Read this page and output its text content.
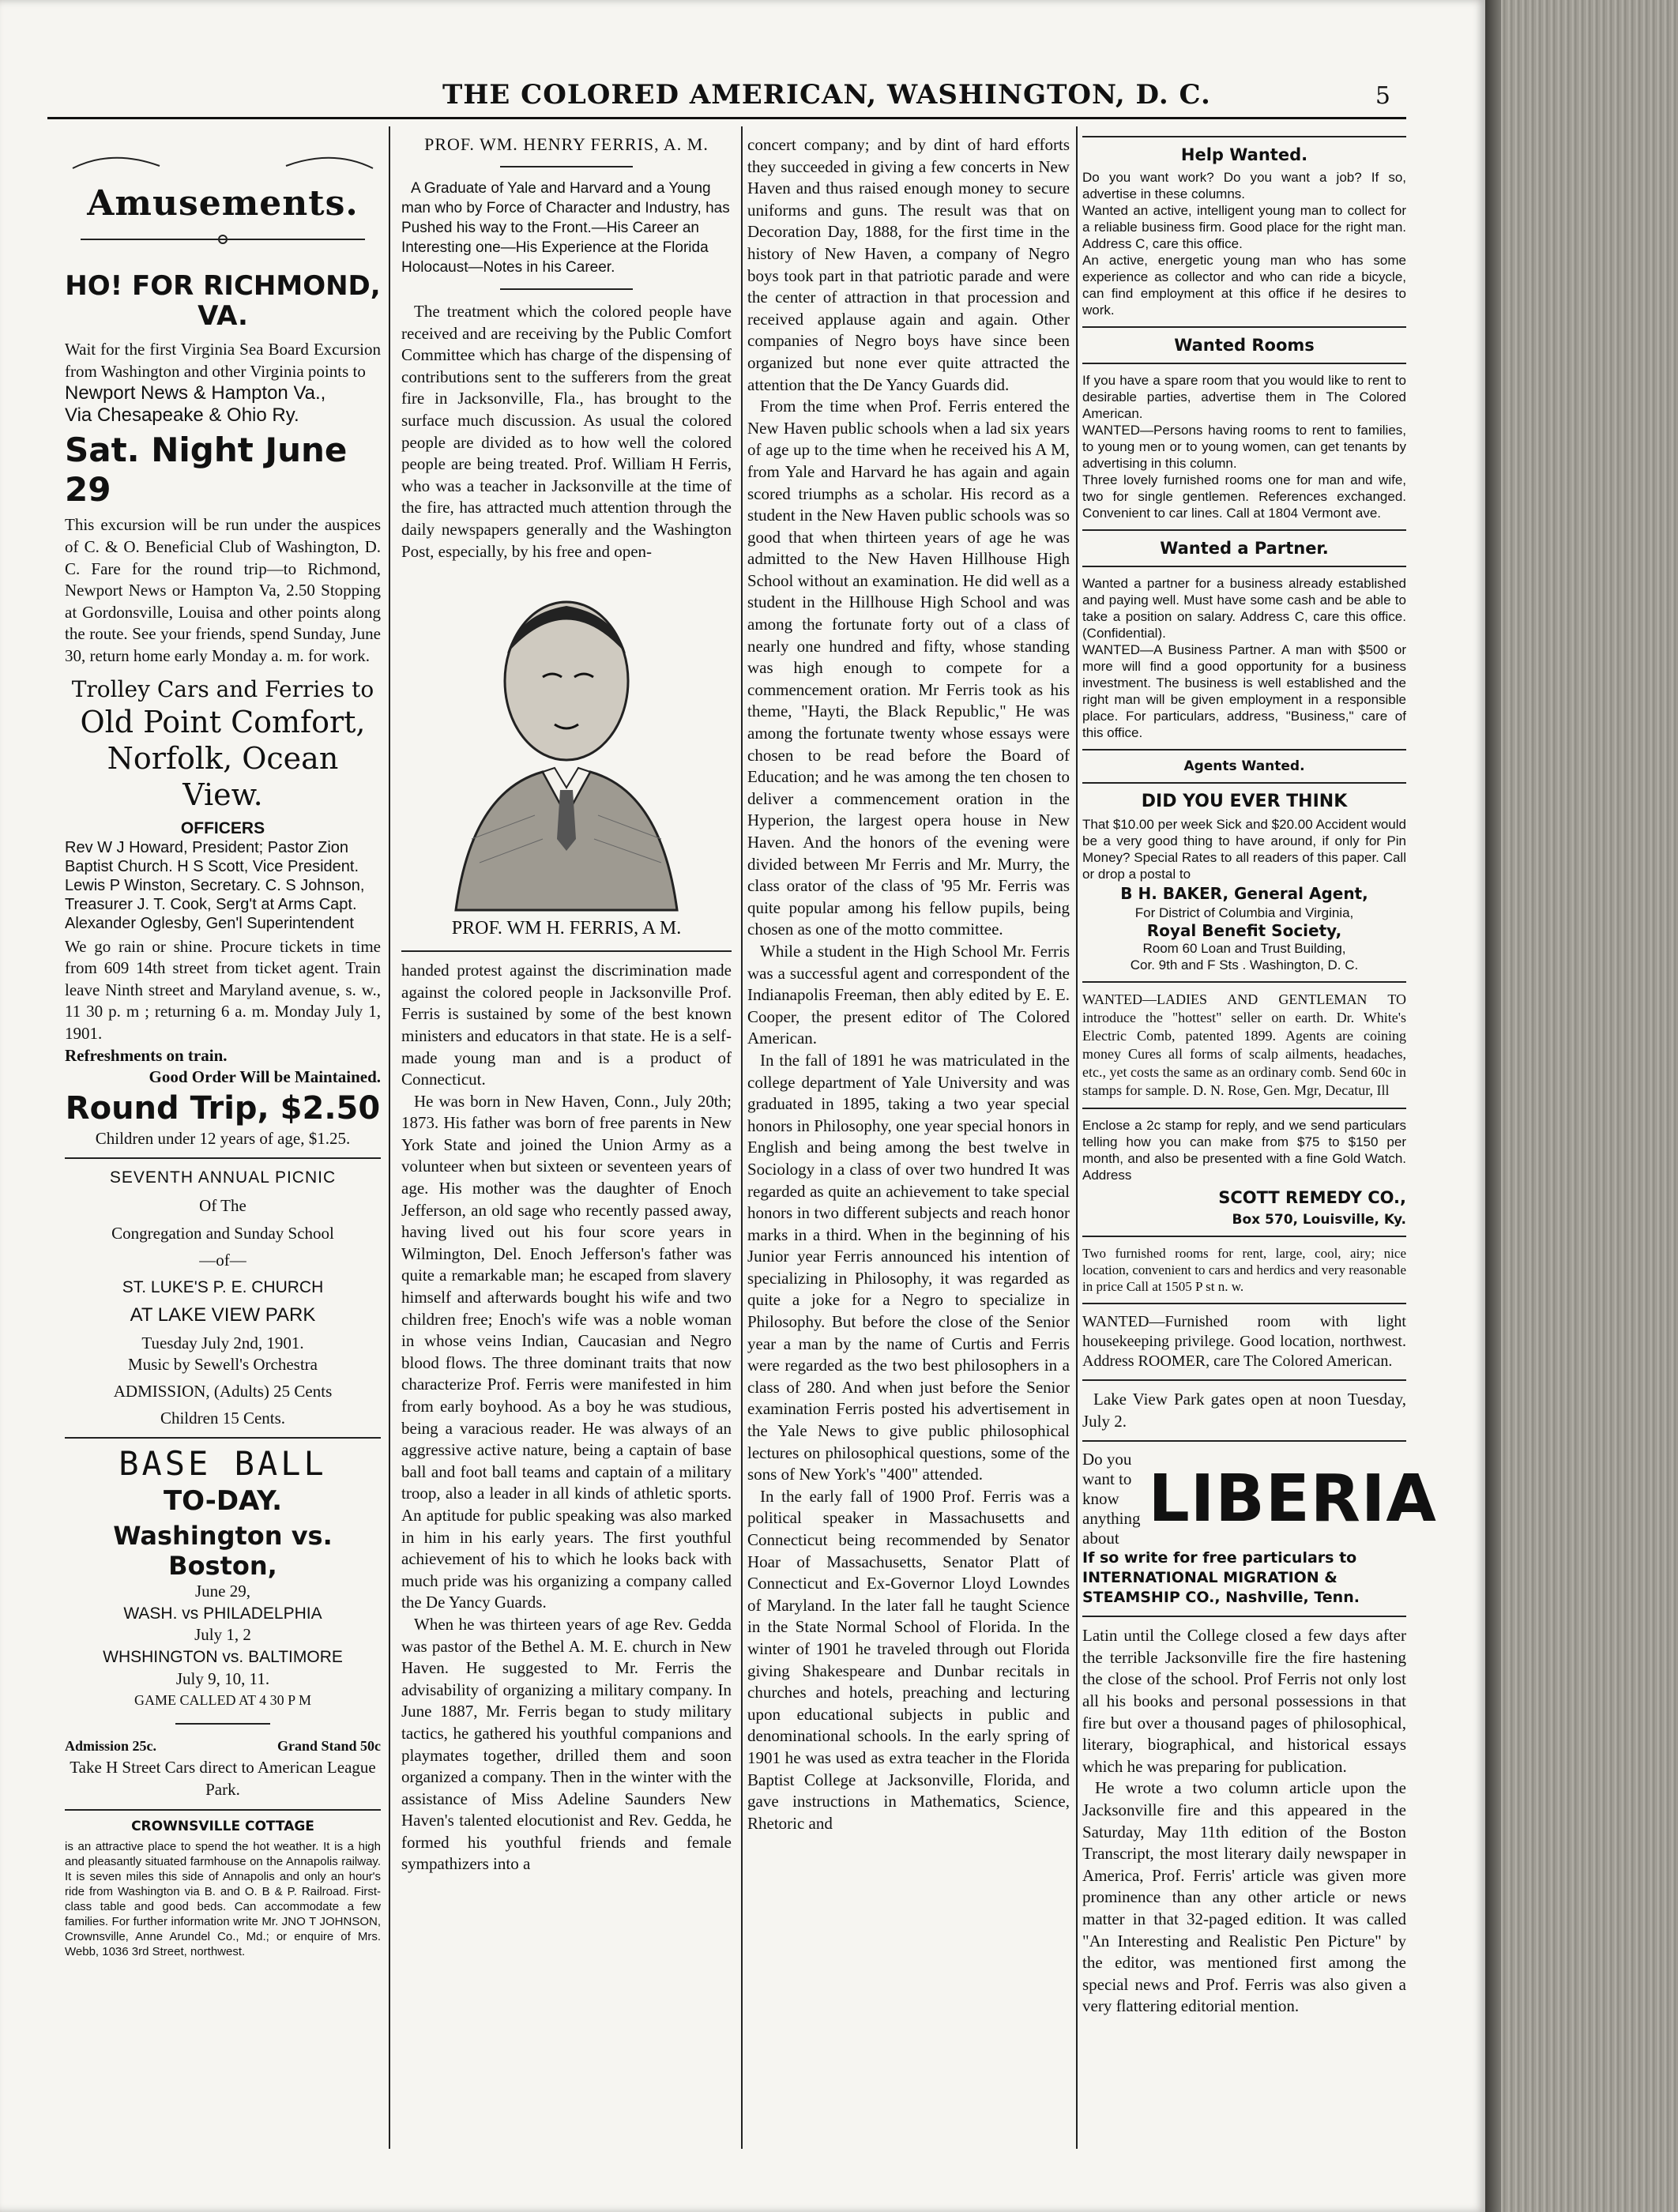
THE COLORED AMERICAN, WASHINGTON, D. C.	5
Amusements.
HO! FOR RICHMOND, VA.

Wait for the first Virginia Sea Board Excursion from Washington and other Virginia points to

Newport News & Hampton Va.,

Via Chesapeake & Ohio Ry.

Sat. Night June 29

This excursion will be run under the auspices of C. & O. Beneficial Club of Washington, D. C. Fare for the round trip—to Richmond, Newport News or Hampton Va, 2.50 Stopping at Gordonsville, Louisa and other points along the route. See your friends, spend Sunday, June 30, return home early Monday a. m. for work.

Trolley Cars and Ferries to
Old Point Comfort, Norfolk, Ocean View.
OFFICERS

Rev W J Howard, President; Pastor Zion Baptist Church. H S Scott, Vice President. Lewis P Winston, Secretary. C. S Johnson, Treasurer J. T. Cook, Serg't at Arms Capt. Alexander Oglesby, Gen'l Superintendent

We go rain or shine. Procure tickets in time from 609 14th street from ticket agent. Train leave Ninth street and Maryland avenue, s. w., 11 30 p. m ; returning 6 a. m. Monday July 1, 1901.

Refreshments on train.

Good Order Will be Maintained.

Round Trip, $2.50

Children under 12 years of age, $1.25.

SEVENTH ANNUAL PICNIC

Of The

Congregation and Sunday School

—of—

ST. LUKE'S P. E. CHURCH

AT LAKE VIEW PARK

Tuesday July 2nd, 1901.

Music by Sewell's Orchestra

ADMISSION, (Adults) 25 Cents

Children 15 Cents.

BASE BALL
TO-DAY.
Washington vs. Boston,

June 29,

WASH. vs PHILADELPHIA

July 1, 2

WHSHINGTON vs. BALTIMORE

July 9, 10, 11.

GAME CALLED AT 4 30 P M

Admission 25c.	Grand Stand 50c

Take H Street Cars direct to American League Park.

CROWNSVILLE COTTAGE

is an attractive place to spend the hot weather. It is a high and pleasantly situated farmhouse on the Annapolis railway. It is seven miles this side of Annapolis and only an hour's ride from Washington via B. and O. B & P. Railroad. First-class table and good beds. Can accommodate a few families. For further information write Mr. JNO T JOHNSON, Crownsville, Anne Arundel Co., Md.; or enquire of Mrs. Webb, 1036 3rd Street, northwest.

PROF. WM. HENRY FERRIS, A. M.

A Graduate of Yale and Harvard and a Young man who by Force of Character and Industry, has Pushed his way to the Front.—His Career an Interesting one—His Experience at the Florida Holocaust—Notes in his Career.

The treatment which the colored people have received and are receiving by the Public Comfort Committee which has charge of the dispensing of contributions sent to the sufferers from the great fire in Jacksonville, Fla., has brought to the surface much discussion. As usual the colored people are divided as to how well the colored people are being treated. Prof. William H Ferris, who was a teacher in Jacksonville at the time of the fire, has attracted much attention through the daily newspapers generally and the Washington Post, especially, by his free and open-

PROF. WM H. FERRIS, A M.

handed protest against the discrimination made against the colored people in Jacksonville Prof. Ferris is sustained by some of the best known ministers and educators in that state. He is a self-made young man and is a product of Connecticut.

He was born in New Haven, Conn., July 20th; 1873. His father was born of free parents in New York State and joined the Union Army as a volunteer when but sixteen or seventeen years of age. His mother was the daughter of Enoch Jefferson, an old sage who recently passed away, having lived out his four score years in Wilmington, Del. Enoch Jefferson's father was quite a remarkable man; he escaped from slavery himself and afterwards bought his wife and two children free; Enoch's wife was a noble woman in whose veins Indian, Caucasian and Negro blood flows. The three dominant traits that now characterize Prof. Ferris were manifested in him from early boyhood. As a boy he was studious, being a varacious reader. He was always of an aggressive active nature, being a captain of base ball and foot ball teams and captain of a military troop, also a leader in all kinds of athletic sports. An aptitude for public speaking was also marked in him in his early years. The first youthful achievement of his to which he looks back with much pride was his organizing a company called the De Yancy Guards.

When he was thirteen years of age Rev. Gedda was pastor of the Bethel A. M. E. church in New Haven. He suggested to Mr. Ferris the advisability of organizing a military company. In June 1887, Mr. Ferris began to study military tactics, he gathered his youthful companions and playmates together, drilled them and soon organized a company. Then in the winter with the assistance of Miss Adeline Saunders New Haven's talented elocutionist and Rev. Gedda, he formed his youthful friends and female sympathizers into a

concert company; and by dint of hard efforts they succeeded in giving a few concerts in New Haven and thus raised enough money to secure uniforms and guns. The result was that on Decoration Day, 1888, for the first time in the history of New Haven, a company of Negro boys took part in that patriotic parade and were the center of attraction in that procession and received applause again and again. Other companies of Negro boys have since been organized but none ever quite attracted the attention that the De Yancy Guards did.

From the time when Prof. Ferris entered the New Haven public schools when a lad six years of age up to the time when he received his A M, from Yale and Harvard he has again and again scored triumphs as a scholar. His record as a student in the New Haven public schools was so good that when thirteen years of age he was admitted to the New Haven Hillhouse High School without an examination. He did well as a student in the Hillhouse High School and was among the fortunate forty out of a class of nearly one hundred and fifty, whose standing was high enough to compete for a commencement oration. Mr Ferris took as his theme, "Hayti, the Black Republic," He was among the fortunate twenty whose essays were chosen to be read before the Board of Education; and he was among the ten chosen to deliver a commencement oration in the Hyperion, the largest opera house in New Haven. And the honors of the evening were divided between Mr Ferris and Mr. Murry, the class orator of the class of '95 Mr. Ferris was quite popular among his fellow pupils, being chosen as one of the motto committee.

While a student in the High School Mr. Ferris was a successful agent and correspondent of the Indianapolis Freeman, then ably edited by E. E. Cooper, the present editor of The Colored American.

In the fall of 1891 he was matriculated in the college department of Yale University and was graduated in 1895, taking a two year special honors in Philosophy, one year special honors in English and being among the best twelve in Sociology in a class of over two hundred It was regarded as quite an achievement to take special honors in two different subjects and reach honor marks in a third. When in the beginning of his Junior year Ferris announced his intention of specializing in Philosophy, it was regarded as quite a joke for a Negro to specialize in Philosophy. But before the close of the Senior year a man by the name of Curtis and Ferris were regarded as the two best philosophers in a class of 280. And when just before the Senior examination Ferris posted his advertisement in the Yale News to give public philosophical lectures on philosophical questions, some of the sons of New York's "400" attended.

In the early fall of 1900 Prof. Ferris was a political speaker in Massachusetts and Connecticut being recommended by Senator Hoar of Massachusetts, Senator Platt of Connecticut and Ex-Governor Lloyd Lowndes of Maryland. In the later fall he taught Science in the State Normal School of Florida. In the winter of 1901 he traveled through out Florida giving Shakespeare and Dunbar recitals in churches and hotels, preaching and lecturing upon educational subjects in public and denominational schools. In the early spring of 1901 he was used as extra teacher in the Florida Baptist College at Jacksonville, Florida, and gave instructions in Mathematics, Science, Rhetoric and

Help Wanted.

Do you want work? Do you want a job? If so, advertise in these columns.

Wanted an active, intelligent young man to collect for a reliable business firm. Good place for the right man. Address C, care this office.

An active, energetic young man who has some experience as collector and who can ride a bicycle, can find employment at this office if he desires to work.

Wanted Rooms

If you have a spare room that you would like to rent to desirable parties, advertise them in The Colored American.

WANTED—Persons having rooms to rent to families, to young men or to young women, can get tenants by advertising in this column.

Three lovely furnished rooms one for man and wife, two for single gentlemen. References exchanged. Convenient to car lines. Call at 1804 Vermont ave.

Wanted a Partner.

Wanted a partner for a business already established and paying well. Must have some cash and be able to take a position on salary. Address C, care this office. (Confidential).

WANTED—A Business Partner. A man with $500 or more will find a good opportunity for a business investment. The business is well established and the right man will be given employment in a responsible place. For particulars, address, "Business," care of this office.

Agents Wanted.
DID YOU EVER THINK

That $10.00 per week Sick and $20.00 Accident would be a very good thing to have around, if only for Pin Money? Special Rates to all readers of this paper. Call or drop a postal to

B H. BAKER, General Agent,

For District of Columbia and Virginia,

Royal Benefit Society,

Room 60 Loan and Trust Building,

Cor. 9th and F Sts . Washington, D. C.

WANTED—LADIES AND GENTLEMAN TO introduce the "hottest" seller on earth. Dr. White's Electric Comb, patented 1899. Agents are coining money Cures all forms of scalp ailments, headaches, etc., yet costs the same as an ordinary comb. Send 60c in stamps for sample. D. N. Rose, Gen. Mgr, Decatur, Ill

Enclose a 2c stamp for reply, and we send particulars telling how you can make from $75 to $150 per month, and also be presented with a fine Gold Watch. Address

SCOTT REMEDY CO.,
Box 570, Louisville, Ky.

Two furnished rooms for rent, large, cool, airy; nice location, convenient to cars and herdics and very reasonable in price Call at 1505 P st n. w.

WANTED—Furnished room with light housekeeping privilege. Good location, northwest. Address ROOMER, care The Colored American.

Lake View Park gates open at noon Tuesday, July 2.

Do you want to know anything about
LIBERIA

If so write for free particulars to INTERNATIONAL MIGRATION & STEAMSHIP CO., Nashville, Tenn.

Latin until the College closed a few days after the terrible Jacksonville fire the fire hastening the close of the school. Prof Ferris not only lost all his books and personal possessions in that fire but over a thousand pages of philosophical, literary, biographical, and historical essays which he was preparing for publication.

He wrote a two column article upon the Jacksonville fire and this appeared in the Saturday, May 11th edition of the Boston Transcript, the most literary daily newspaper in America, Prof. Ferris' article was given more prominence than any other article or news matter in that 32-paged edition. It was called "An Interesting and Realistic Pen Picture" by the editor, was mentioned first among the special news and Prof. Ferris was also given a very flattering editorial mention.
